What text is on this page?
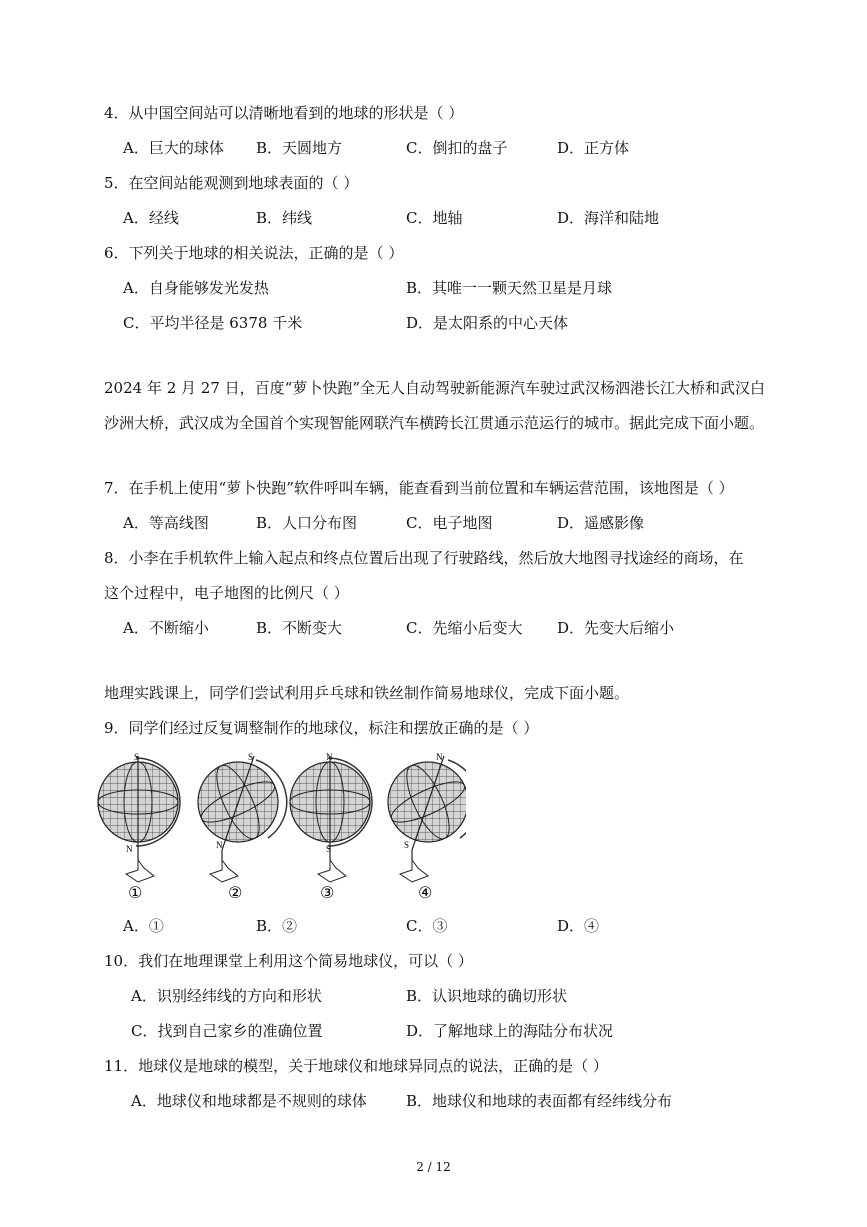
4．从中国空间站可以清晰地看到的地球的形状是（ ）
A．巨大的球体 B．天圆地方	C．倒扣的盘子	D．正方体
5．在空间站能观测到地球表面的（ ）
A．经线	B．纬线	C．地轴	D．海洋和陆地
6．下列关于地球的相关说法，正确的是（ ）
A．自身能够发光发热	B．其唯一一颗天然卫星是月球
C．平均半径是 6378 千米	D．是太阳系的中心天体
2024 年 2 月 27 日，百度“萝卜快跑”全无人自动驾驶新能源汽车驶过武汉杨泗港长江大桥和武汉白
沙洲大桥，武汉成为全国首个实现智能网联汽车横跨长江贯通示范运行的城市。据此完成下面小题。
7．在手机上使用“萝卜快跑”软件呼叫车辆，能查看到当前位置和车辆运营范围，该地图是（ ）
A．等高线图	B．人口分布图	C．电子地图	D．遥感影像
8．小李在手机软件上输入起点和终点位置后出现了行驶路线，然后放大地图寻找途经的商场，在
这个过程中，电子地图的比例尺（ ）
A．不断缩小	B．不断变大	C．先缩小后变大 D．先变大后缩小
地理实践课上，同学们尝试利用乒乓球和铁丝制作简易地球仪，完成下面小题。
9．同学们经过反复调整制作的地球仪，标注和摆放正确的是（ ）
S
N
①
S
N
②
N
S
③
N
S
④
A．①	B．②	C．③	D．④
10．我们在地理课堂上利用这个简易地球仪，可以（ ）
A．识别经纬线的方向和形状	B．认识地球的确切形状
C．找到自己家乡的准确位置	D．了解地球上的海陆分布状况
11．地球仪是地球的模型，关于地球仪和地球异同点的说法，正确的是（ ）
A．地球仪和地球都是不规则的球体	B．地球仪和地球的表面都有经纬线分布
2 / 12
